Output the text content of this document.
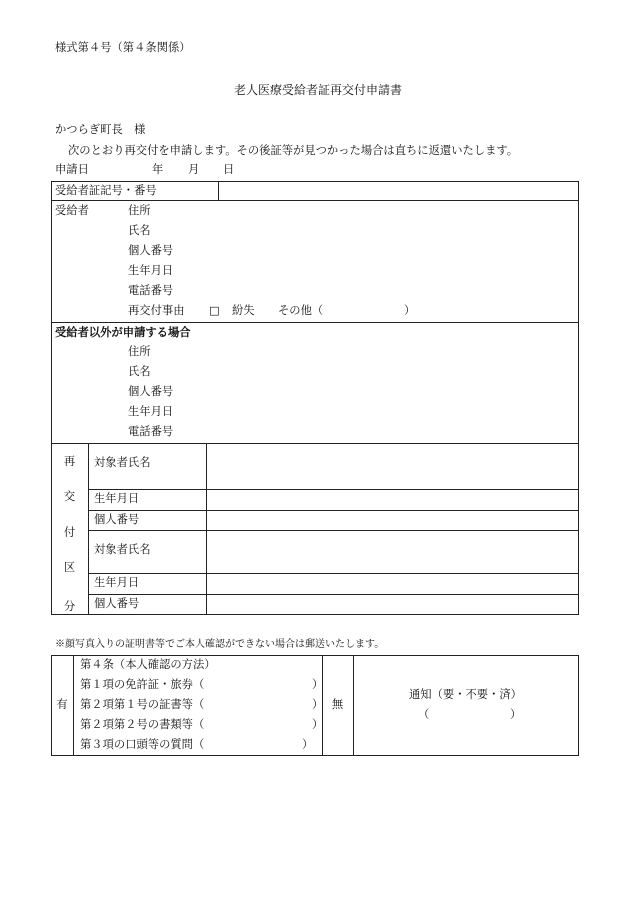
様式第４号（第４条関係）
老人医療受給者証再交付申請書
かつらぎ町長　様
次のとおり再交付を申請します。その後証等が見つかった場合は直ちに返還いたします。
申請日	年 月 日
受給者証記号・番号
受給者	住所
氏名
個人番号
生年月日
電話番号
再交付事由 □ 紛失 その他（	）
受給者以外が申請する場合
住所
氏名
個人番号
生年月日
電話番号
再
交
付
区
分
対象者氏名
生年月日
個人番号
対象者氏名
生年月日
個人番号
※顔写真入りの証明書等でご本人確認ができない場合は郵送いたします。
有
第４条（本人確認の方法）
第１項の免許証・旅券（	）
第２項第１号の証書等（	）
第２項第２号の書類等（	）
第３項の口頭等の質問（	）
無
通知（要・不要・済）
（	）
